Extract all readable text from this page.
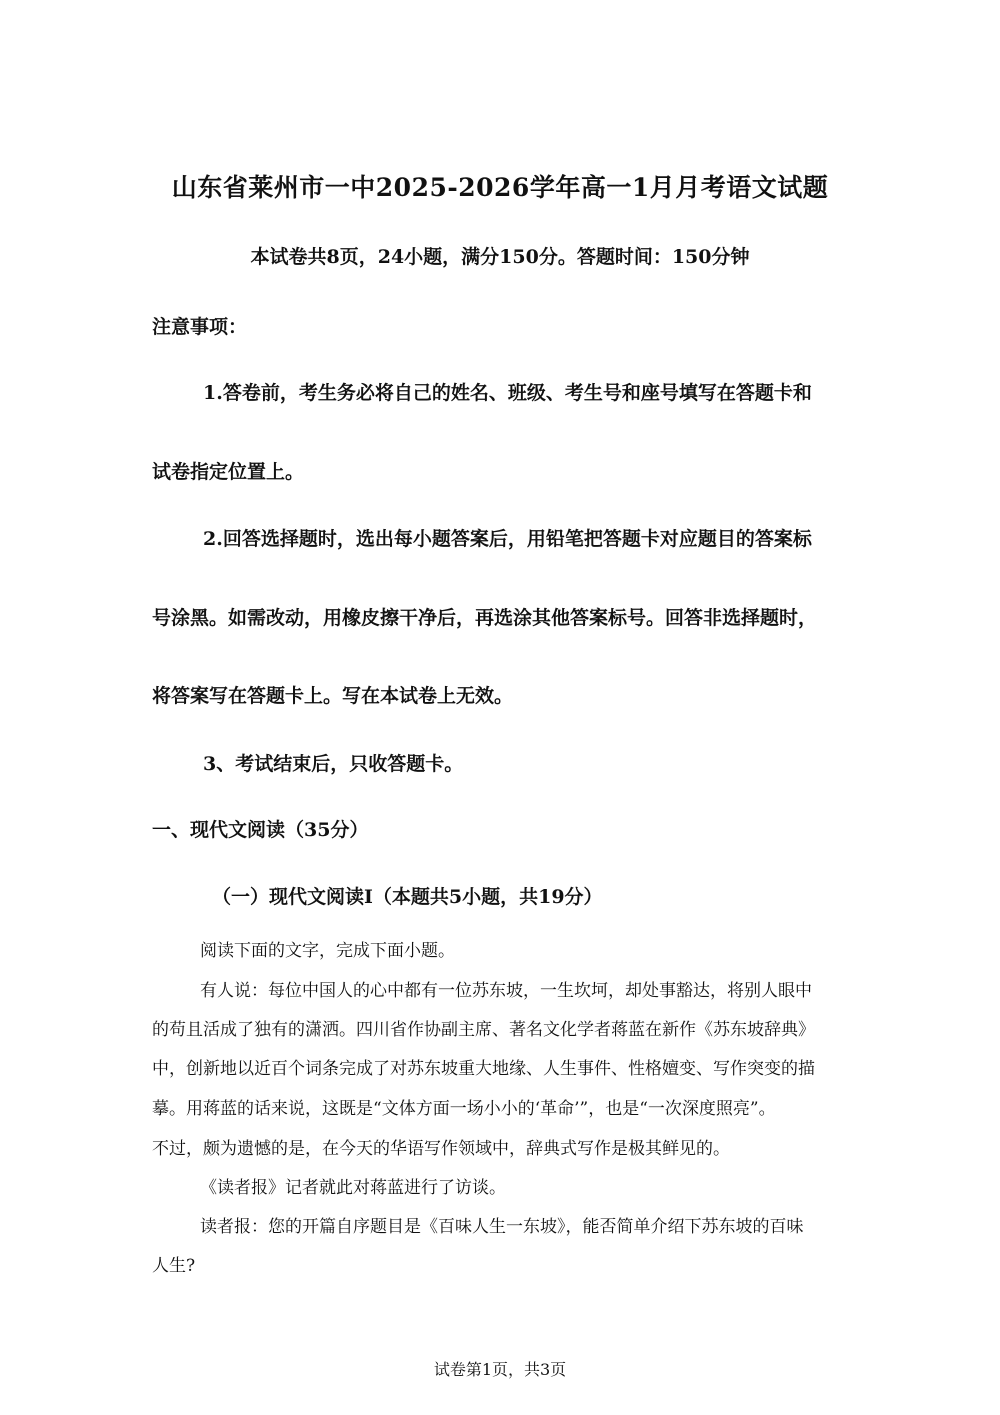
山东省莱州市一中2025-2026学年高一1月月考语文试题
本试卷共8页，24小题，满分150分。答题时间：150分钟
注意事项：
1.答卷前，考生务必将自己的姓名、班级、考生号和座号填写在答题卡和
试卷指定位置上。
2.回答选择题时，选出每小题答案后，用铅笔把答题卡对应题目的答案标
号涂黑。如需改动，用橡皮擦干净后，再选涂其他答案标号。回答非选择题时，
将答案写在答题卡上。写在本试卷上无效。
3、考试结束后，只收答题卡。
一、现代文阅读（35分）
（一）现代文阅读Ⅰ（本题共5小题，共19分）
阅读下面的文字，完成下面小题。
有人说：每位中国人的心中都有一位苏东坡，一生坎坷，却处事豁达，将别人眼中
的苟且活成了独有的潇洒。四川省作协副主席、著名文化学者蒋蓝在新作《苏东坡辞典》
中，创新地以近百个词条完成了对苏东坡重大地缘、人生事件、性格嬗变、写作突变的描
摹。用蒋蓝的话来说，这既是“文体方面一场小小的‘革命’”，也是“一次深度照亮”。
不过，颇为遗憾的是，在今天的华语写作领域中，辞典式写作是极其鲜见的。
《读者报》记者就此对蒋蓝进行了访谈。
读者报：您的开篇自序题目是《百味人生一东坡》，能否简单介绍下苏东坡的百味
人生?
试卷第1页，共3页
